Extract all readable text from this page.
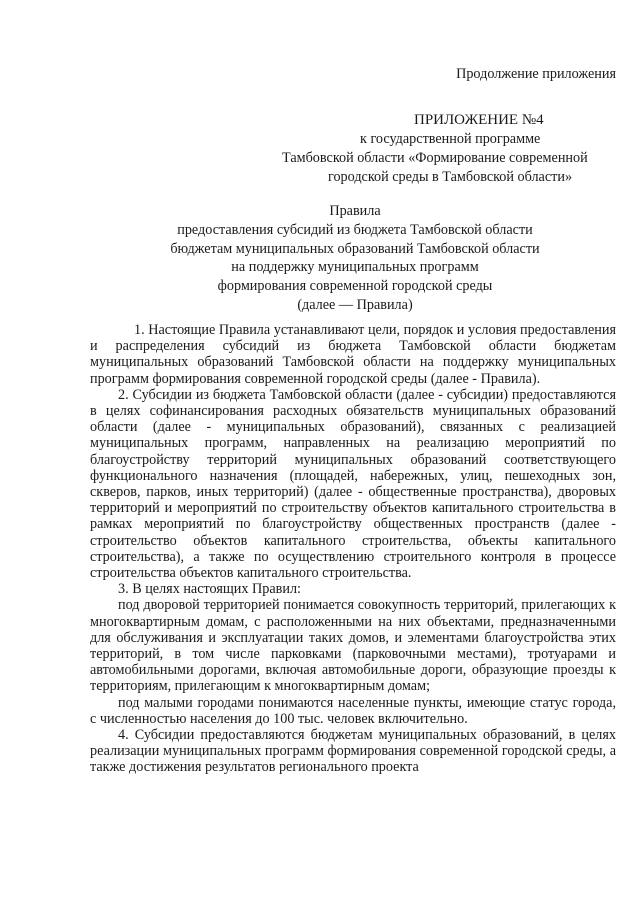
Продолжение приложения
ПРИЛОЖЕНИЕ №4
к государственной программе
Тамбовской области «Формирование современной
городской среды в Тамбовской области»
Правила
предоставления субсидий из бюджета Тамбовской области
бюджетам муниципальных образований Тамбовской области
на поддержку муниципальных программ
формирования современной городской среды
(далее — Правила)

1. Настоящие Правила устанавливают цели, порядок и условия предоставления и распределения субсидий из бюджета Тамбовской области бюджетам муниципальных образований Тамбовской области на поддержку муниципальных программ формирования современной городской среды (далее - Правила).

2. Субсидии из бюджета Тамбовской области (далее - субсидии) предоставляются в целях софинансирования расходных обязательств муниципальных образований области (далее - муниципальных образований), связанных с реализацией муниципальных программ, направленных на реализацию мероприятий по благоустройству территорий муниципальных образований соответствующего функционального назначения (площадей, набережных, улиц, пешеходных зон, скверов, парков, иных территорий) (далее - общественные пространства), дворовых территорий и мероприятий по строительству объектов капитального строительства в рамках мероприятий по благоустройству общественных пространств (далее - строительство объектов капитального строительства, объекты капитального строительства), а также по осуществлению строительного контроля в процессе строительства объектов капитального строительства.

3. В целях настоящих Правил:

под дворовой территорией понимается совокупность территорий, прилегающих к многоквартирным домам, с расположенными на них объектами, предназначенными для обслуживания и эксплуатации таких домов, и элементами благоустройства этих территорий, в том числе парковками (парковочными местами), тротуарами и автомобильными дорогами, включая автомобильные дороги, образующие проезды к территориям, прилегающим к многоквартирным домам;

под малыми городами понимаются населенные пункты, имеющие статус города, с численностью населения до 100 тыс. человек включительно.

4. Субсидии предоставляются бюджетам муниципальных образований, в целях реализации муниципальных программ формирования современной городской среды, а также достижения результатов регионального проекта
